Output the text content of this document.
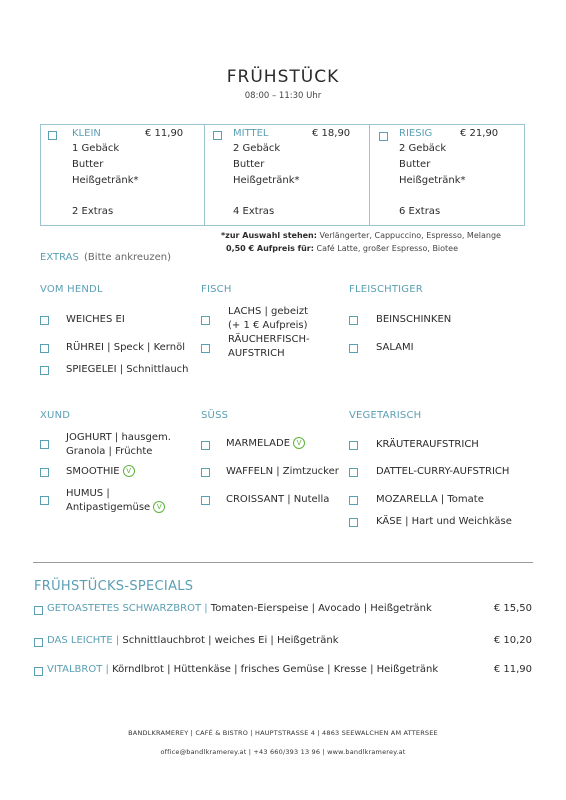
FRÜHSTÜCK
08:00 – 11:30 Uhr
KLEIN	€ 11,90
1 Gebäck
Butter
Heißgetränk*
2 Extras
MITTEL	€ 18,90
2 Gebäck
Butter
Heißgetränk*
4 Extras
RIESIG	€ 21,90
2 Gebäck
Butter
Heißgetränk*
6 Extras
*zur Auswahl stehen: Verlängerter, Cappuccino, Espresso, Melange
0,50 € Aufpreis für: Café Latte, großer Espresso, Biotee
EXTRAS (Bitte ankreuzen)
VOM HENDL
WEICHES EI
RÜHREI | Speck | Kernöl
SPIEGELEI | Schnittlauch
FISCH
LACHS | gebeizt
(+ 1 € Aufpreis)
RÄUCHERFISCH-
AUFSTRICH
FLEISCHTIGER
BEINSCHINKEN
SALAMI
XUND
JOGHURT | hausgem.
Granola | Früchte
SMOOTHIE V
HUMUS |
Antipastigemüse V
SÜSS
MARMELADE V
WAFFELN | Zimtzucker
CROISSANT | Nutella
VEGETARISCH
KRÄUTERAUFSTRICH
DATTEL-CURRY-AUFSTRICH
MOZARELLA | Tomate
KÄSE | Hart und Weichkäse
FRÜHSTÜCKS-SPECIALS
GETOASTETES SCHWARZBROT | Tomaten-Eierspeise | Avocado | Heißgetränk	€ 15,50
DAS LEICHTE | Schnittlauchbrot | weiches Ei | Heißgetränk	€ 10,20
VITALBROT | Körndlbrot | Hüttenkäse | frisches Gemüse | Kresse | Heißgetränk	€ 11,90
BANDLKRAMEREY | CAFÉ & BISTRO | HAUPTSTRASSE 4 | 4863 SEEWALCHEN AM ATTERSEE
office@bandlkramerey.at | +43 660/393 13 96 | www.bandlkramerey.at
